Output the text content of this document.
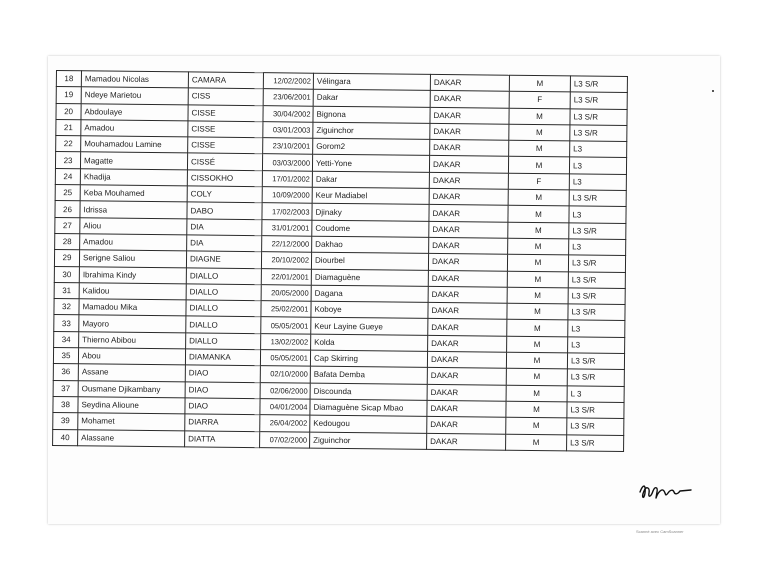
18	Mamadou Nicolas	CAMARA	12/02/2002	Vélingara	DAKAR	M	L3 S/R
19	Ndeye Marietou	CISS	23/06/2001	Dakar	DAKAR	F	L3 S/R
20	Abdoulaye	CISSE	30/04/2002	Bignona	DAKAR	M	L3 S/R
21	Amadou	CISSE	03/01/2003	Ziguinchor	DAKAR	M	L3 S/R
22	Mouhamadou Lamine	CISSE	23/10/2001	Gorom2	DAKAR	M	L3
23	Magatte	CISSÉ	03/03/2000	Yetti-Yone	DAKAR	M	L3
24	Khadija	CISSOKHO	17/01/2002	Dakar	DAKAR	F	L3
25	Keba Mouhamed	COLY	10/09/2000	Keur Madiabel	DAKAR	M	L3 S/R
26	Idrissa	DABO	17/02/2003	Djinaky	DAKAR	M	L3
27	Aliou	DIA	31/01/2001	Coudome	DAKAR	M	L3 S/R
28	Amadou	DIA	22/12/2000	Dakhao	DAKAR	M	L3
29	Serigne Saliou	DIAGNE	20/10/2002	Diourbel	DAKAR	M	L3 S/R
30	Ibrahima Kindy	DIALLO	22/01/2001	Diamaguène	DAKAR	M	L3 S/R
31	Kalidou	DIALLO	20/05/2000	Dagana	DAKAR	M	L3 S/R
32	Mamadou Mika	DIALLO	25/02/2001	Koboye	DAKAR	M	L3 S/R
33	Mayoro	DIALLO	05/05/2001	Keur Layine Gueye	DAKAR	M	L3
34	Thierno Abibou	DIALLO	13/02/2002	Kolda	DAKAR	M	L3
35	Abou	DIAMANKA	05/05/2001	Cap Skirring	DAKAR	M	L3 S/R
36	Assane	DIAO	02/10/2000	Bafata Demba	DAKAR	M	L3 S/R
37	Ousmane Djikambany	DIAO	02/06/2000	Discounda	DAKAR	M	L 3
38	Seydina Alioune	DIAO	04/01/2004	Diamaguène Sicap Mbao	DAKAR	M	L3 S/R
39	Mohamet	DIARRA	26/04/2002	Kedougou	DAKAR	M	L3 S/R
40	Alassane	DIATTA	07/02/2000	Ziguinchor	DAKAR	M	L3 S/R
Scanné avec CamScanner
